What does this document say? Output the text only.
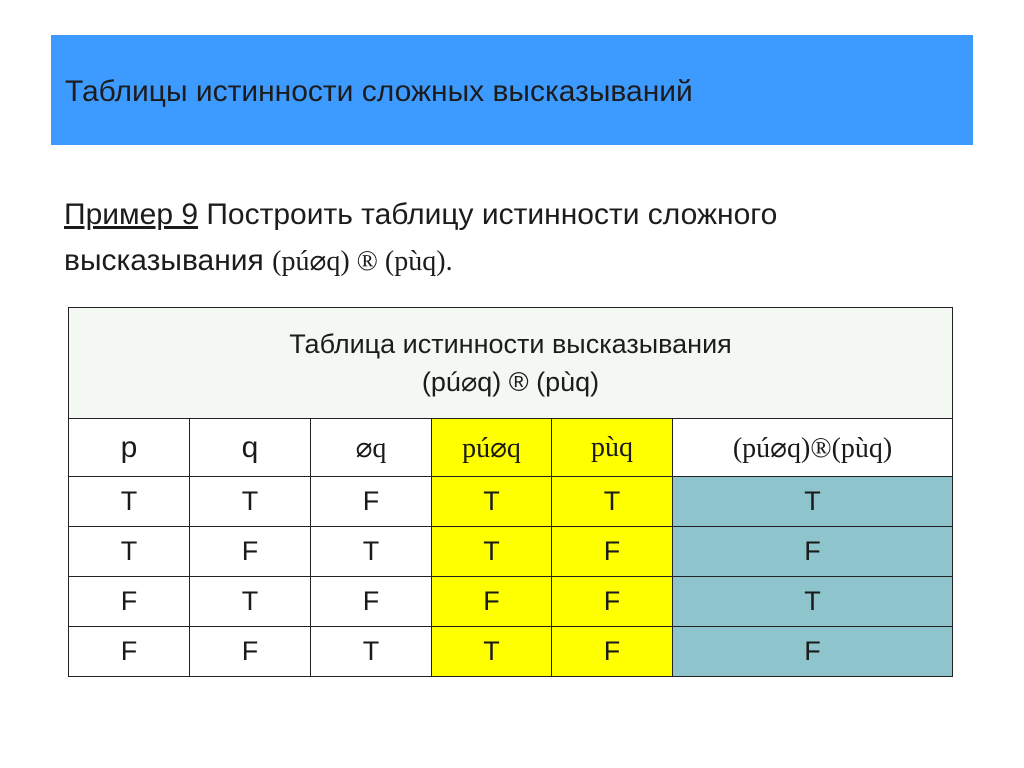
Таблицы истинности сложных высказываний
Пример 9 Построить таблицу истинности сложного
высказывания (pú⌀q) ® (pùq).
Таблица истинности высказывания
(pú⌀q) ® (pùq)					

p	q	⌀q	pú⌀q	pùq	(pú⌀q)®(pùq)
T	T	F	T	T	T
T	F	T	T	F	F
F	T	F	F	F	T
F	F	T	T	F	F
